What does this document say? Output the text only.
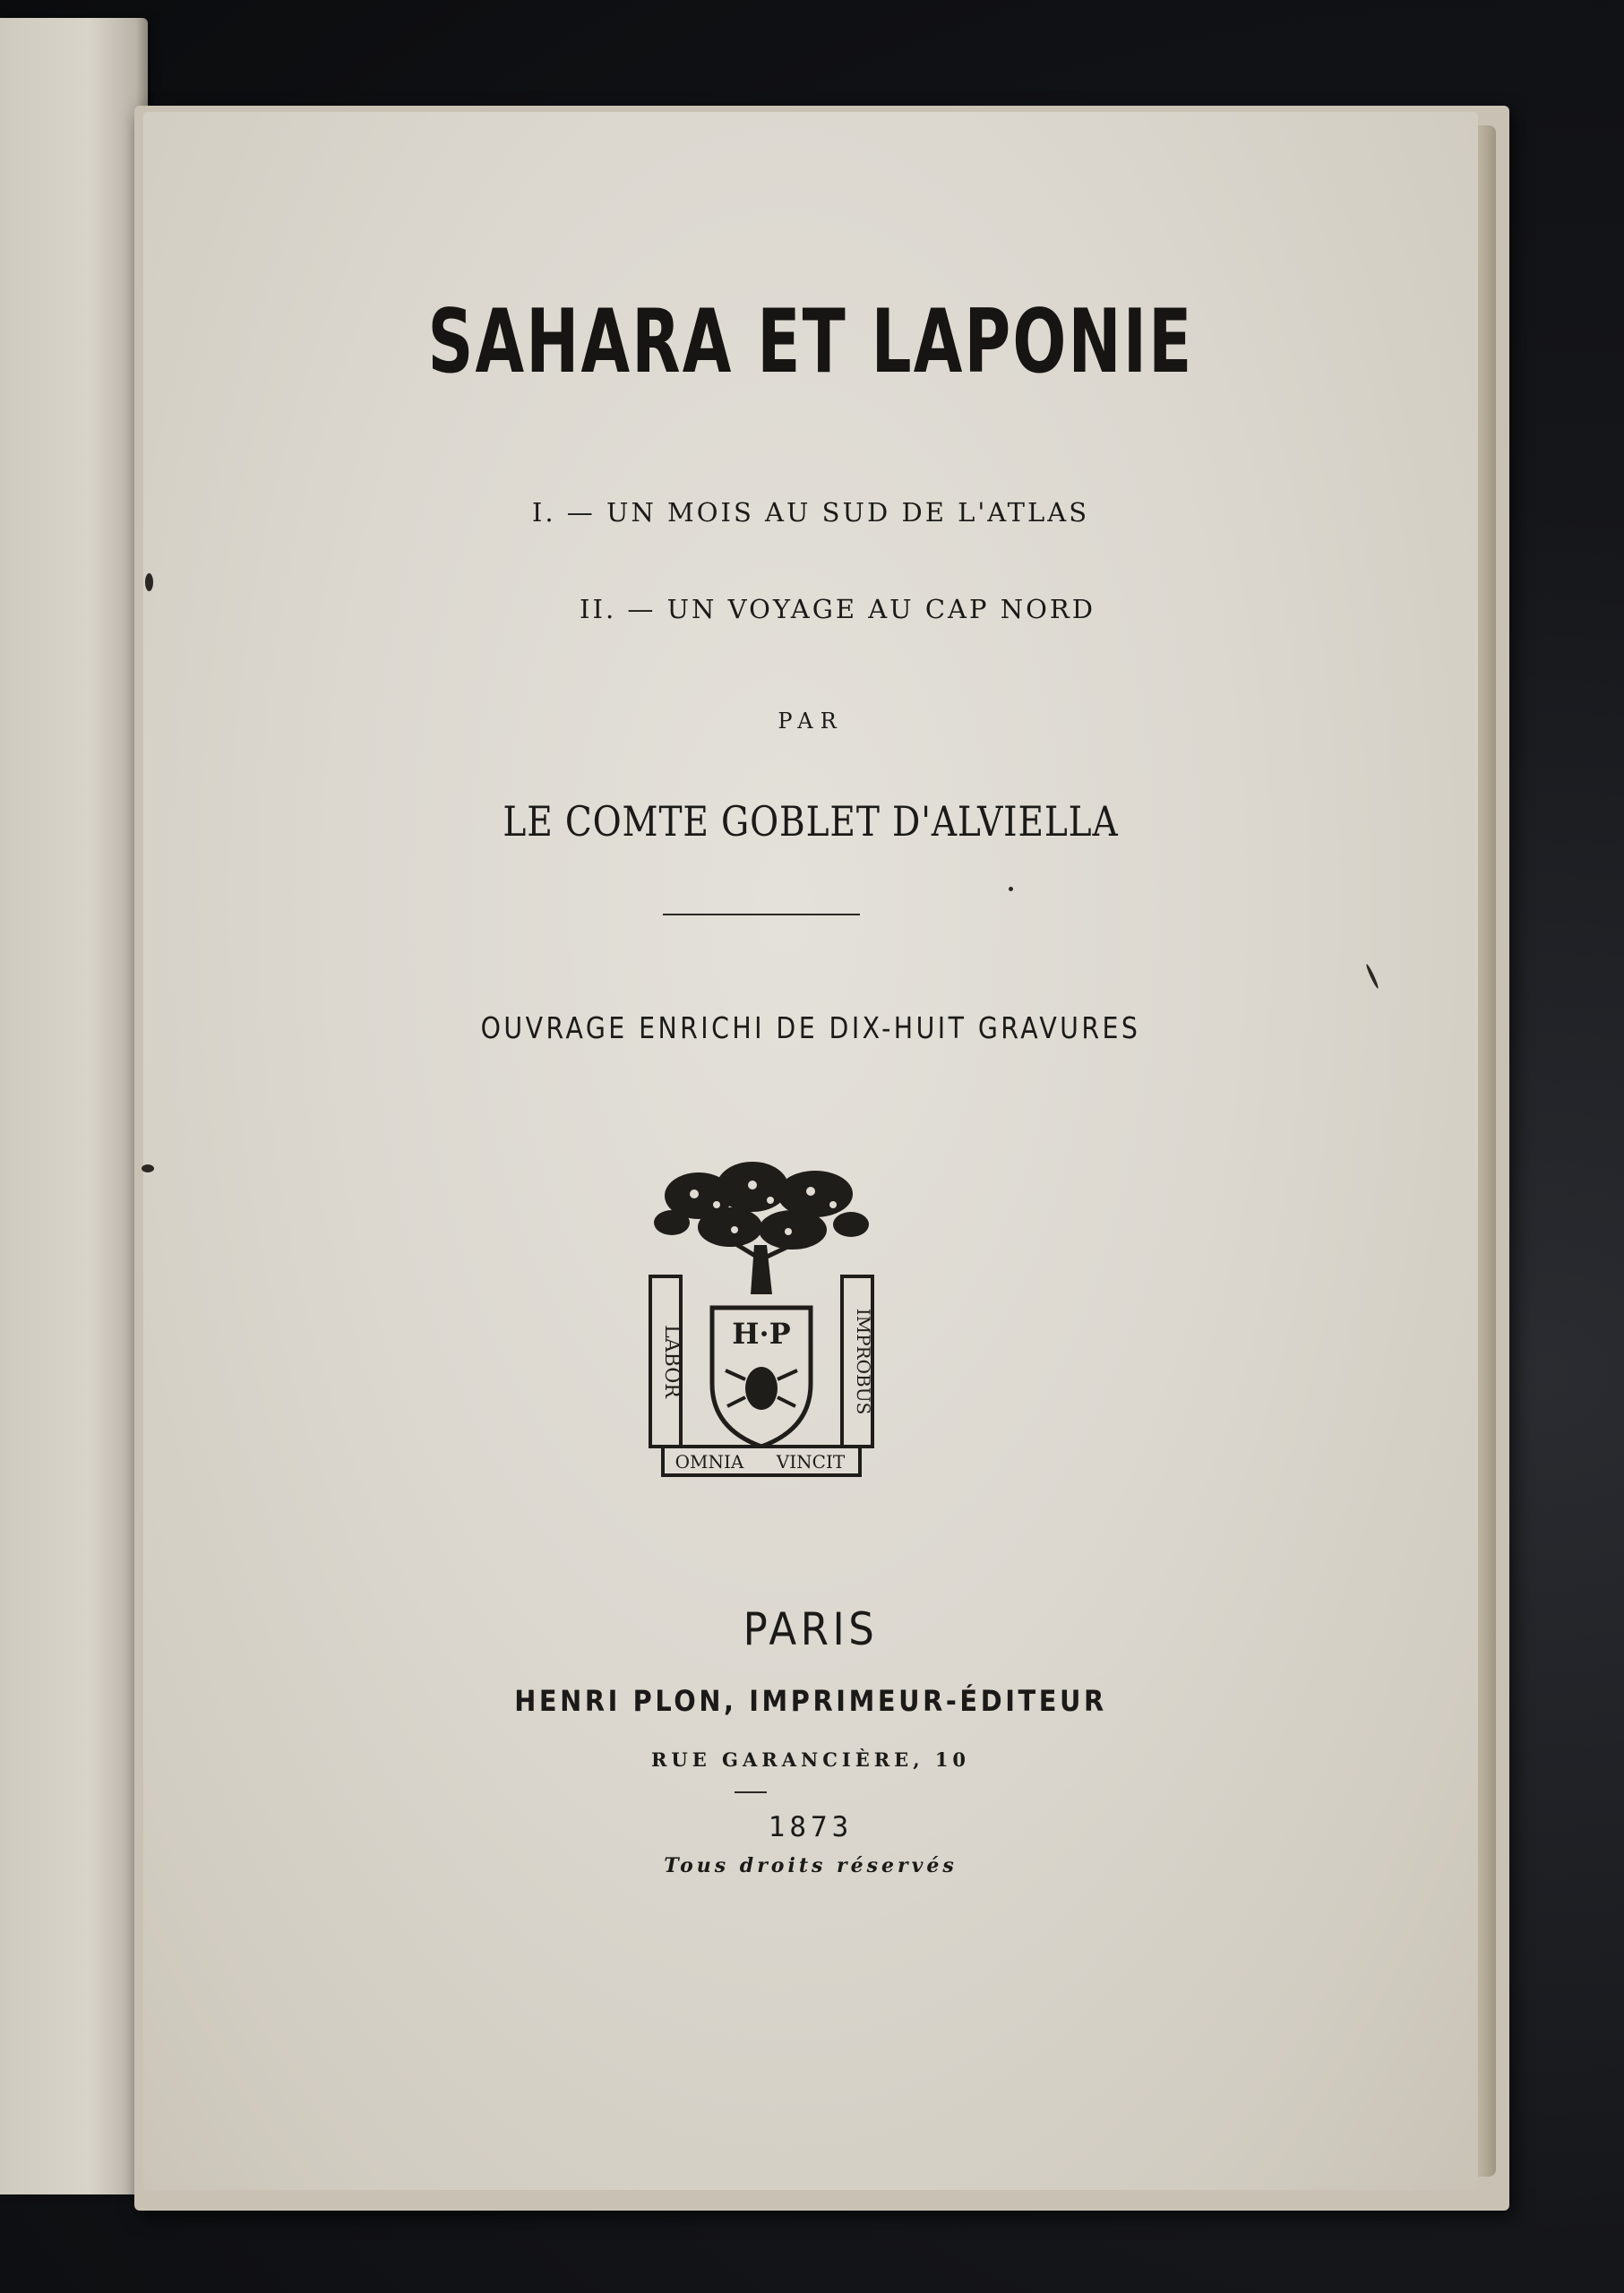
SAHARA ET LAPONIE
I. — UN MOIS AU SUD DE L'ATLAS
II. — UN VOYAGE AU CAP NORD
PAR
LE COMTE GOBLET D'ALVIELLA
OUVRAGE ENRICHI DE DIX-HUIT GRAVURES
LABOR	IMPROBUS
H·P
OMNIA VINCIT
PARIS
HENRI PLON, IMPRIMEUR-ÉDITEUR
RUE GARANCIÈRE, 10
1873
Tous droits réservés
